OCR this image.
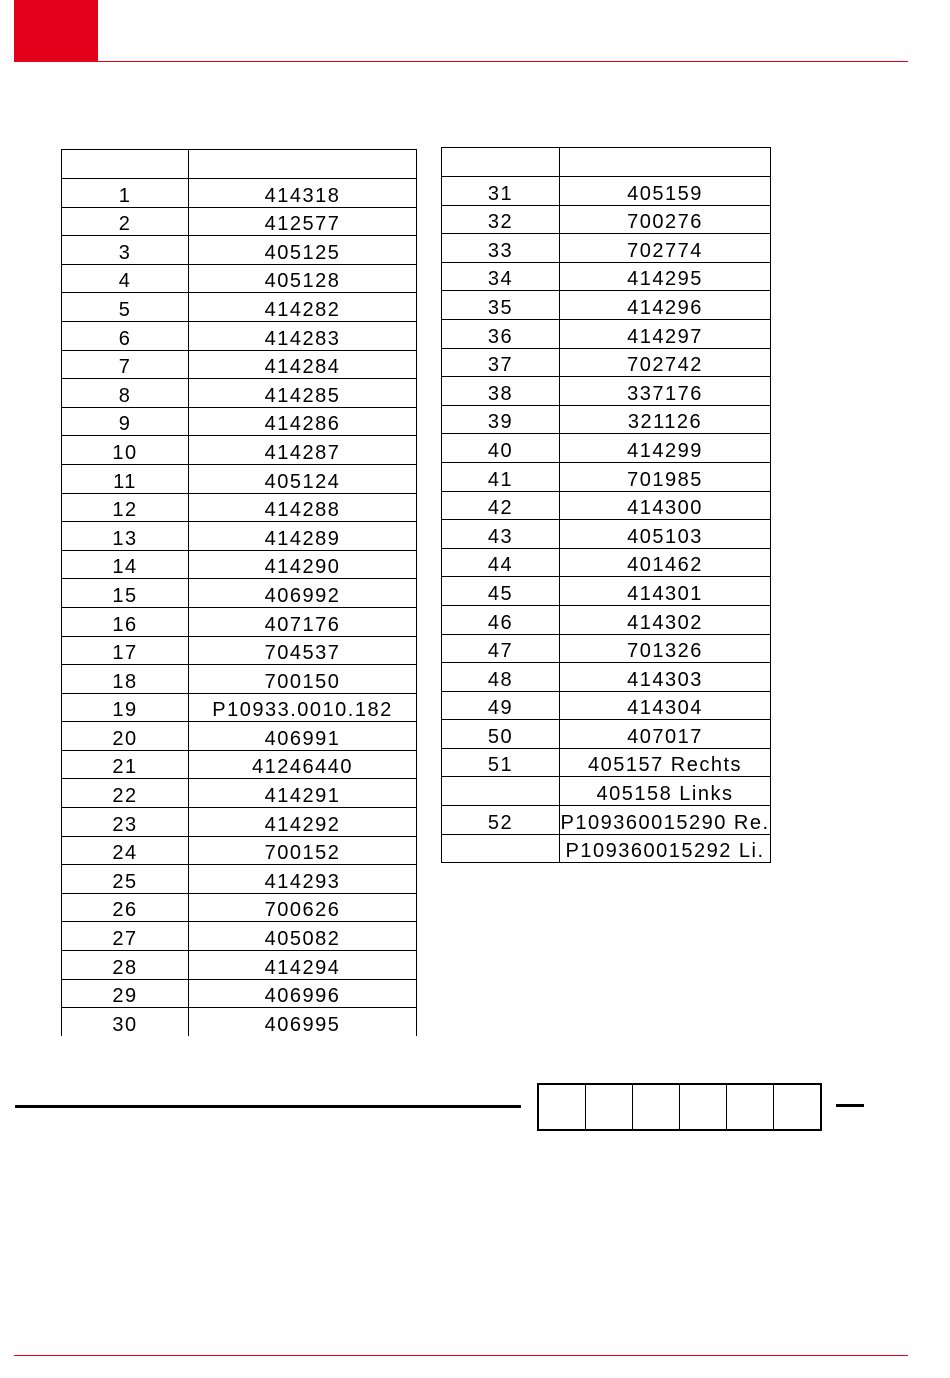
1	414318
2	412577
3	405125
4	405128
5	414282
6	414283
7	414284
8	414285
9	414286
10	414287
11	405124
12	414288
13	414289
14	414290
15	406992
16	407176
17	704537
18	700150
19	P10933.0010.182
20	406991
21	41246440
22	414291
23	414292
24	700152
25	414293
26	700626
27	405082
28	414294
29	406996
30	406995

31	405159
32	700276
33	702774
34	414295
35	414296
36	414297
37	702742
38	337176
39	321126
40	414299
41	701985
42	414300
43	405103
44	401462
45	414301
46	414302
47	701326
48	414303
49	414304
50	407017
51	405157 Rechts
	405158 Links
52	P109360015290 Re.
	P109360015292 Li.
